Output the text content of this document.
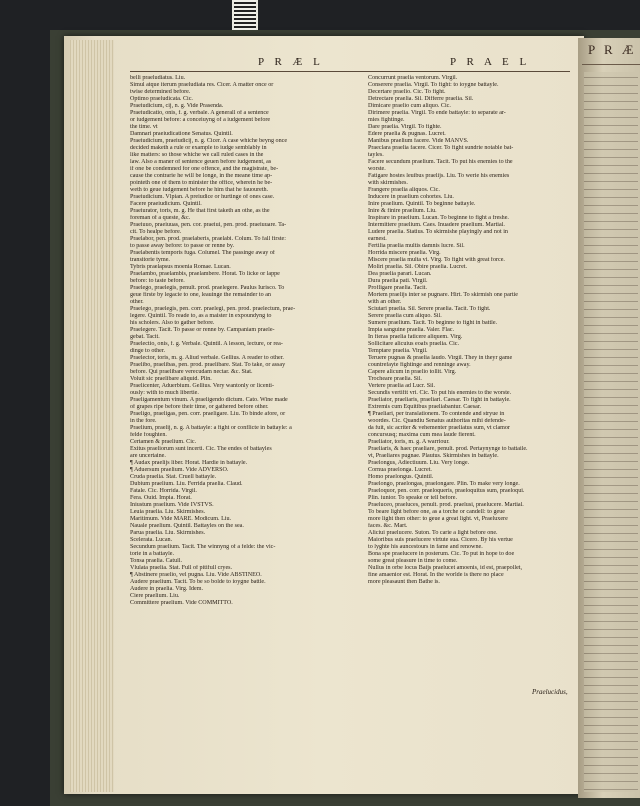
P R Æ
P R Æ L	P R A E L
belli praeludiatus. Liu.
Simul atque iterum praeludiata res. Cicer. A matter once or
twise determined before.
Optimo praeludicata. Cic.
Praeiudicium, cij, n. g. Vide Prasenda.
Praeiudicatio, onis, f. g. verbale. A generall of a sentence
or iudgement before: a conceiuyng of a iudgement before
the time. vt
Damnari praeiudicatione Senatus. Quintil.
Praeiudicium, praeiudicij, n. g. Cicer. A case whiche beyng once
decided maketh a rule or example to iudge semblably in
like matters: so those whiche we call ruled cases in the
law. Also a maner of sentence geuen before iudgement, as
if one be condemned for one offence, and the magistrate, be-
cause the contrarie he will be longe, in the meane time ap-
pointeth one of them to minister the office, wherein he be-
weth to geue iudgement before he him that he fauoureth.
Praeiudicium. Vlpian. A preiudice or hurtinge of ones case.
Facere praeiudicium. Quintil.
Praeiurator, toris, m. g. He that first taketh an othe, as the
foreman of a queste, &c.
Praeiuuo, praeiuuas, pen. cor. praeiui, pen. prod. praeiuuare. Ta-
cit. To healpe before.
Praelabor, pen. prod. praelaberis, praelabi. Colum. To fall firste:
to passe away before: to passe or renne by.
Praelabentis temporis fuga. Columel. The passinge away of
transitorie tyme.
Tybris praelapsus moenia Romae. Lucan.
Praelambo, praelambis, praelambere. Horat. To licke or lappe
before: to taste before.
Praelego, praelegis, penult. prod. praelegere. Paulus Iurisco. To
geue firste by legacie to one, leauinge the remainder to an
other.
Praelego, praelegis, pen. corr. praelegi, pen. prod. praelectum, prae-
legere. Quintil. To reade to, as a maister in expoundyng to
his scholers. Also to gather before.
Praelegere. Tacit. To passe or renne by. Campaniam praele-
gebat. Tacit.
Praelectio, onis, f. g. Verbale. Quintil. A lesson, lecture, or rea-
dinge to other.
Praelector, toris, m. g. Aliud verbale. Gellius. A reader to other.
Praelibo, praelibas, pen. prod. praelibare. Stat. To take, or assay
before. Qui praelibare verecudam nectar. &c. Stat.
Voluit sic praelibare aliquid. Plin.
Praelicenter, Aduerbium. Gellius. Very wantonly or licenti-
ously: with to much libertie.
Praeligamentum vinum. A praeligendo dictum. Cato. Wine made
of grapes ripe before their time, or gathered before other.
Praeligo, praeligas, pen. corr. praeligare. Liu. To binde afore, or
in the fore.
Praelium, praelij, n. g. A battayle: a fight or conflicte in battayle: a
felde foughten.
Certamen & praelium. Cic.
Exitus praeliorum sunt incerti. Cic. The endes of battayles
are uncertaine.
¶ Audax praelijs liber. Horat. Hardie in battayle.
¶ Aduersum praelium. Vide ADVERSO.
Cruda praelia. Stat. Cruell battayle.
Dubium praelium. Liu. Ferrida praelia. Claud.
Fatale. Cic. Horrida. Virgil.
Fera. Ouid. Impia. Horat.
Iniustum praelium. Vide IVSTVS.
Leuia praelia. Liu. Skirmishes.
Maritimum. Vide MARE. Modicum. Liu.
Nauale praelium. Quintil. Battayles on the sea.
Parua praelia. Liu. Skirmishes.
Scelerata. Lucan.
Secundum praelium. Tacit. The winnyng of a felde: the vic-
torie in a battayle.
Tonsa praelia. Catull.
Vlulata praelia. Stat. Full of pitifull cryes.
¶ Abstinere praelio, vel pugna. Liu. Vide ABSTINEO.
Audere praelium. Tacit. To be so bolde to ioygne battle.
Audere in praelia. Virg. Idem.
Ciere praelium. Liu.
Committere praelium. Vide COMMITTO.
Concurrunt praelia ventorum. Virgil.
Conserere praelia. Virgil. To fight: to ioygne battayle.
Decertare praelio. Cic. To fight.
Detrectare praelia. Sil. Differre praelia. Sil.
Dimicare praelio cum aliquo. Cic.
Dirimere praelia. Virgil. To ende battayle: to separate ar-
mies fightinge.
Dare praelia. Virgil. To fighte.
Edere praelia & pugnas. Lucret.
Manibus praelium facere. Vide MANVS.
Praeclara praelia facere. Cicer. To fight sundrie notable bat-
tayles.
Facere secundum praelium. Tacit. To put his enemies to the
worste.
Fatigare hostes leuibus praelijs. Liu. To werie his enemies
with skirmishes.
Frangere praelia aliquos. Cic.
Inducere in praelium cohortes. Liu.
Inire praelium. Quintil. To beginne battayle.
Inire & finire praelium. Liu.
Inspirare in praelium. Lucan. To beginne to fight a freshe.
Intermittere praelium. Caes. Inuadere praelium. Martial.
Ludere praelia. Statius. To skirmishe playingly and not in
earnest.
Fertilia praelia multis damnis lucre. Sil.
Horrida miscere praelia. Virg.
Miscere praelia multa vi. Virg. To fight with great force.
Moliri praelia. Sil. Obire praelia. Lucret.
Dea praelia parari. Lucan.
Dura praelia pati. Virgil.
Profligare praelia. Tacit.
Mortem praelijs inter se pugnare. Hirt. To skirmish one partie
with an other.
Sciutari praelia. Sil. Serere praelia. Tacit. To fight.
Serere praelia cum aliquo. Sil.
Sumere praelium. Tacit. To beginne to fight in battle.
Impia sanguine praelia. Valer. Flac.
In fieras praelia faticere aliquem. Virg.
Sollicitare alicuius eoafs praelia. Cic.
Temptare praelia. Virgil.
Teruere pugnas & praelia laudo. Virgil. They in theyr game
countrefayte fightinge and renninge away.
Capere alicum in praelio tollit. Virg.
Trocheare praelia. Sil.
Vertere praelia ad Lucr. Sil.
Secundis vertifit vri. Cic. To put his enemies to the worste.
Praeliator, praeliaris, praeliari. Caesar. To fight in battayle.
Extremis cum Equitibus praeliabantur. Caesar.
¶ Praeliari, per translationem. To contende and stryue in
woordes. Cic. Quandiu Senatus authoritas mihi defende-
da fuit, sic acriter & vehementer praeliatus sum, vt clamor
concursusq; maxima cum mea laude fierent.
Praeliator, toris, m. g. A warriour.
Praeliaris, & haec praeliare, penult. prod. Pertaynynge to battaile.
vt, Praeliares pugnae. Plautus. Skirmishes in battayle.
Praelongus, Adiectiuum. Liu. Very longe.
Cornua praelonga. Lucret.
Homo praelongus. Quintil.
Praelongo, praelongas, praelongare. Plin. To make very longe.
Praeloquor, pen. corr. praeloqueris, praeloquitus sum, praeloqui.
Plin. iunior. To speake or tell before.
Praeluceo, praeluces, penult. prod. praelusi, praelucere. Martial.
To beare light before one, as a torche or candell: to geue
more light then other: to geue a great light. vt, Praeluxere
faces. &c. Mart.
Aliciui praelucere. Suton. To carie a light before one.
Maioribus suis praelucere virtute sua. Cicero. By his vertue
to lyghte his auncestours in fame and renowne.
Bona spe praelucere in posterum. Cic. To put in hope to doe
some great pleasure in time to come.
Nullus in orbe locus Baijs praelucet amoenis, id est, praepollet,
fine amaenior est. Horat. In the worlde is there no place
more pleasaunt then Bathe is.
Praelucidus,
